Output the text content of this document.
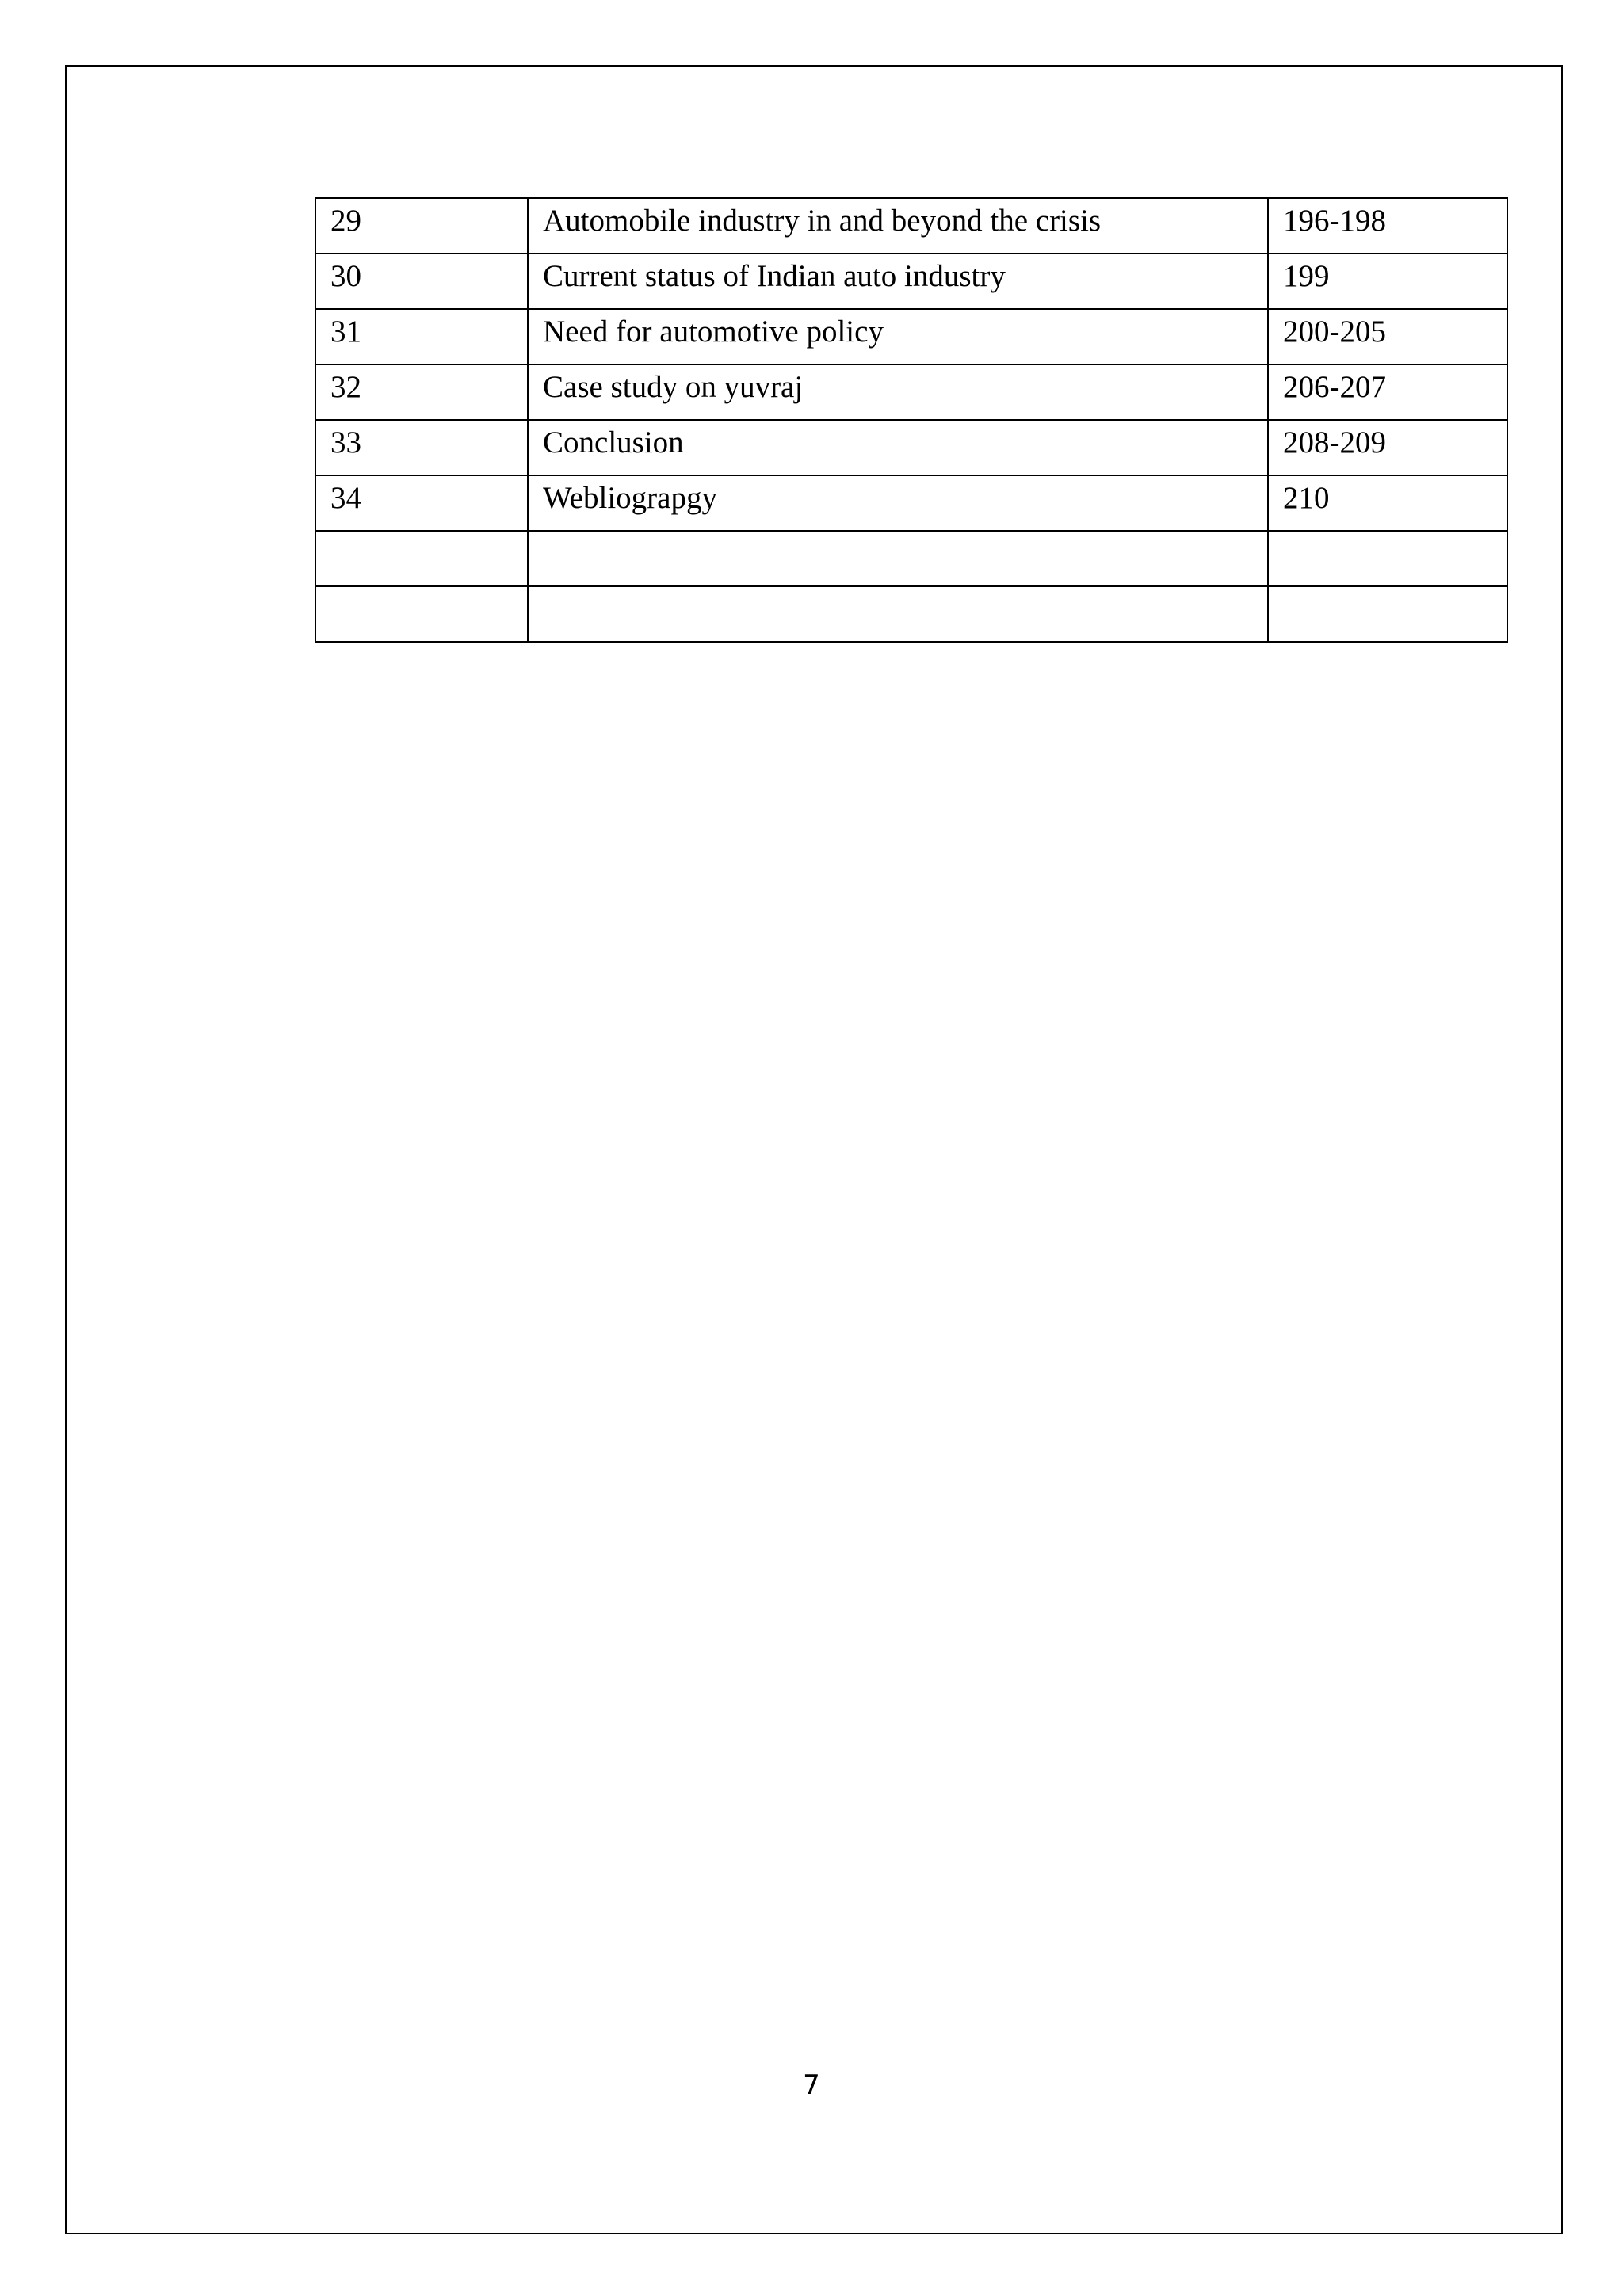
29	Automobile industry in and beyond the crisis	196-198
30	Current status of Indian auto industry	199
31	Need for automotive policy	200-205
32	Case study on yuvraj	206-207
33	Conclusion	208-209
34	Webliograpgy	210

7
